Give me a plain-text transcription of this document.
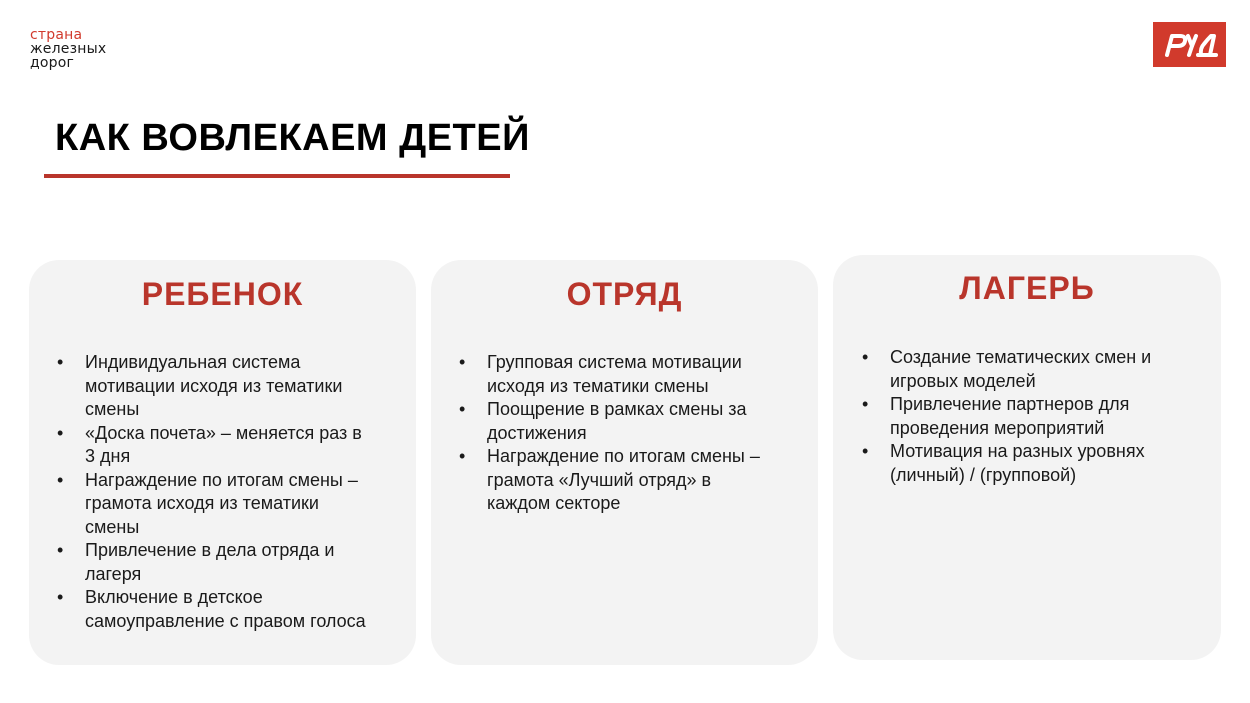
страна
железных
дорог
КАК ВОВЛЕКАЕМ ДЕТЕЙ
РЕБЕНОК	ОТРЯД	ЛАГЕРЬ
• Индивидуальная система
мотивации исходя из тематики
смены
• «Доска почета» – меняется раз в
3 дня
• Награждение по итогам смены –
грамота исходя из тематики
смены
• Привлечение в дела отряда и
лагеря
• Включение в детское
самоуправление с правом голоса
• Групповая система мотивации
исходя из тематики смены
• Поощрение в рамках смены за
достижения
• Награждение по итогам смены –
грамота «Лучший отряд» в
каждом секторе
• Создание тематических смен и
игровых моделей
• Привлечение партнеров для
проведения мероприятий
• Мотивация на разных уровнях
(личный) / (групповой)
